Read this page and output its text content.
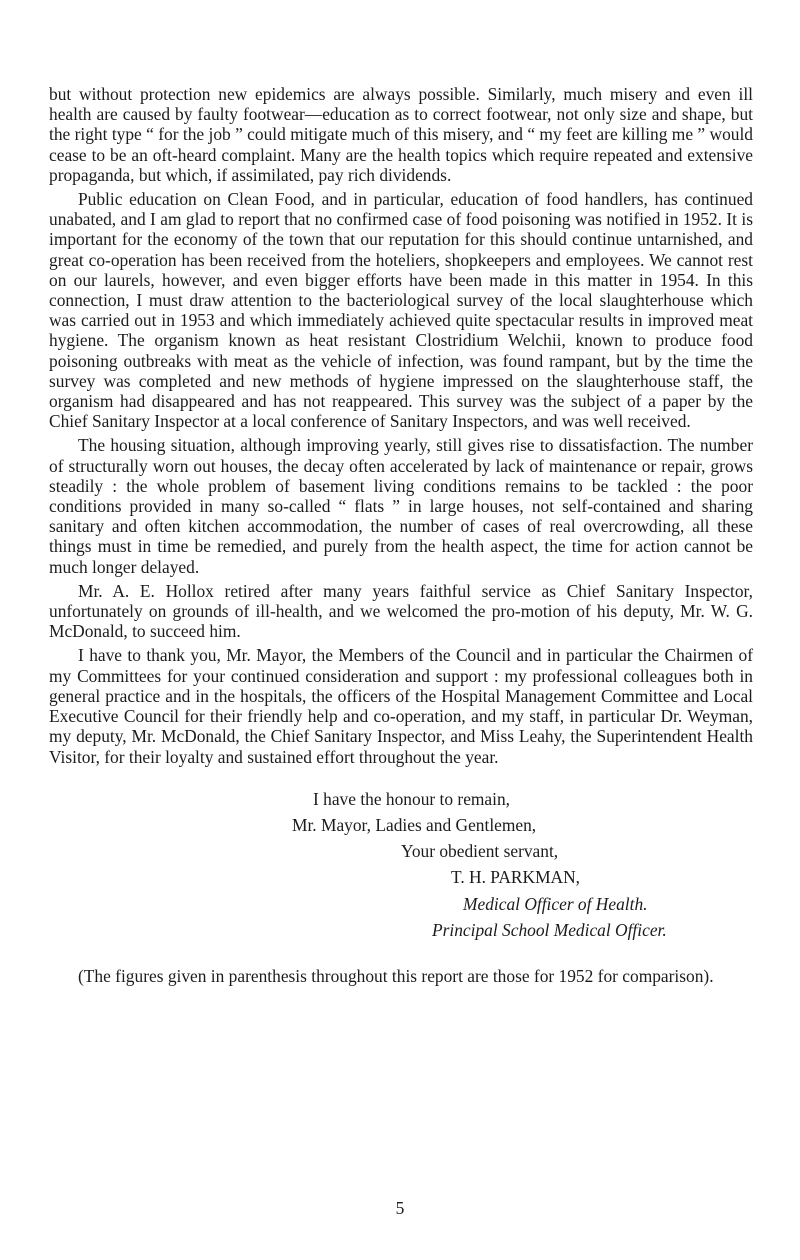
but without protection new epidemics are always possible. Similarly, much misery and even ill health are caused by faulty footwear—education as to correct footwear, not only size and shape, but the right type “ for the job ” could mitigate much of this misery, and “ my feet are killing me ” would cease to be an oft-heard complaint. Many are the health topics which require repeated and extensive propaganda, but which, if assimilated, pay rich dividends.

Public education on Clean Food, and in particular, education of food handlers, has continued unabated, and I am glad to report that no confirmed case of food poisoning was notified in 1952. It is important for the economy of the town that our reputation for this should continue untarnished, and great co-operation has been received from the hoteliers, shopkeepers and employees. We cannot rest on our laurels, however, and even bigger efforts have been made in this matter in 1954. In this connection, I must draw attention to the bacteriological survey of the local slaughterhouse which was carried out in 1953 and which immediately achieved quite spectacular results in improved meat hygiene. The organism known as heat resistant Clostridium Welchii, known to produce food poisoning outbreaks with meat as the vehicle of infection, was found rampant, but by the time the survey was completed and new methods of hygiene impressed on the slaughterhouse staff, the organism had disappeared and has not reappeared. This survey was the subject of a paper by the Chief Sanitary Inspector at a local conference of Sanitary Inspectors, and was well received.

The housing situation, although improving yearly, still gives rise to dissatisfaction. The number of structurally worn out houses, the decay often accelerated by lack of maintenance or repair, grows steadily : the whole problem of basement living conditions remains to be tackled : the poor conditions provided in many so-called “ flats ” in large houses, not self-contained and sharing sanitary and often kitchen accommodation, the number of cases of real overcrowding, all these things must in time be remedied, and purely from the health aspect, the time for action cannot be much longer delayed.

Mr. A. E. Hollox retired after many years faithful service as Chief Sanitary Inspector, unfortunately on grounds of ill-health, and we welcomed the pro-motion of his deputy, Mr. W. G. McDonald, to succeed him.

I have to thank you, Mr. Mayor, the Members of the Council and in particular the Chairmen of my Committees for your continued consideration and support : my professional colleagues both in general practice and in the hospitals, the officers of the Hospital Management Committee and Local Executive Council for their friendly help and co-operation, and my staff, in particular Dr. Weyman, my deputy, Mr. McDonald, the Chief Sanitary Inspector, and Miss Leahy, the Superintendent Health Visitor, for their loyalty and sustained effort throughout the year.

I have the honour to remain,
Mr. Mayor, Ladies and Gentlemen,
Your obedient servant,
T. H. PARKMAN,
Medical Officer of Health.
Principal School Medical Officer.

(The figures given in parenthesis throughout this report are those for 1952 for comparison).

5
